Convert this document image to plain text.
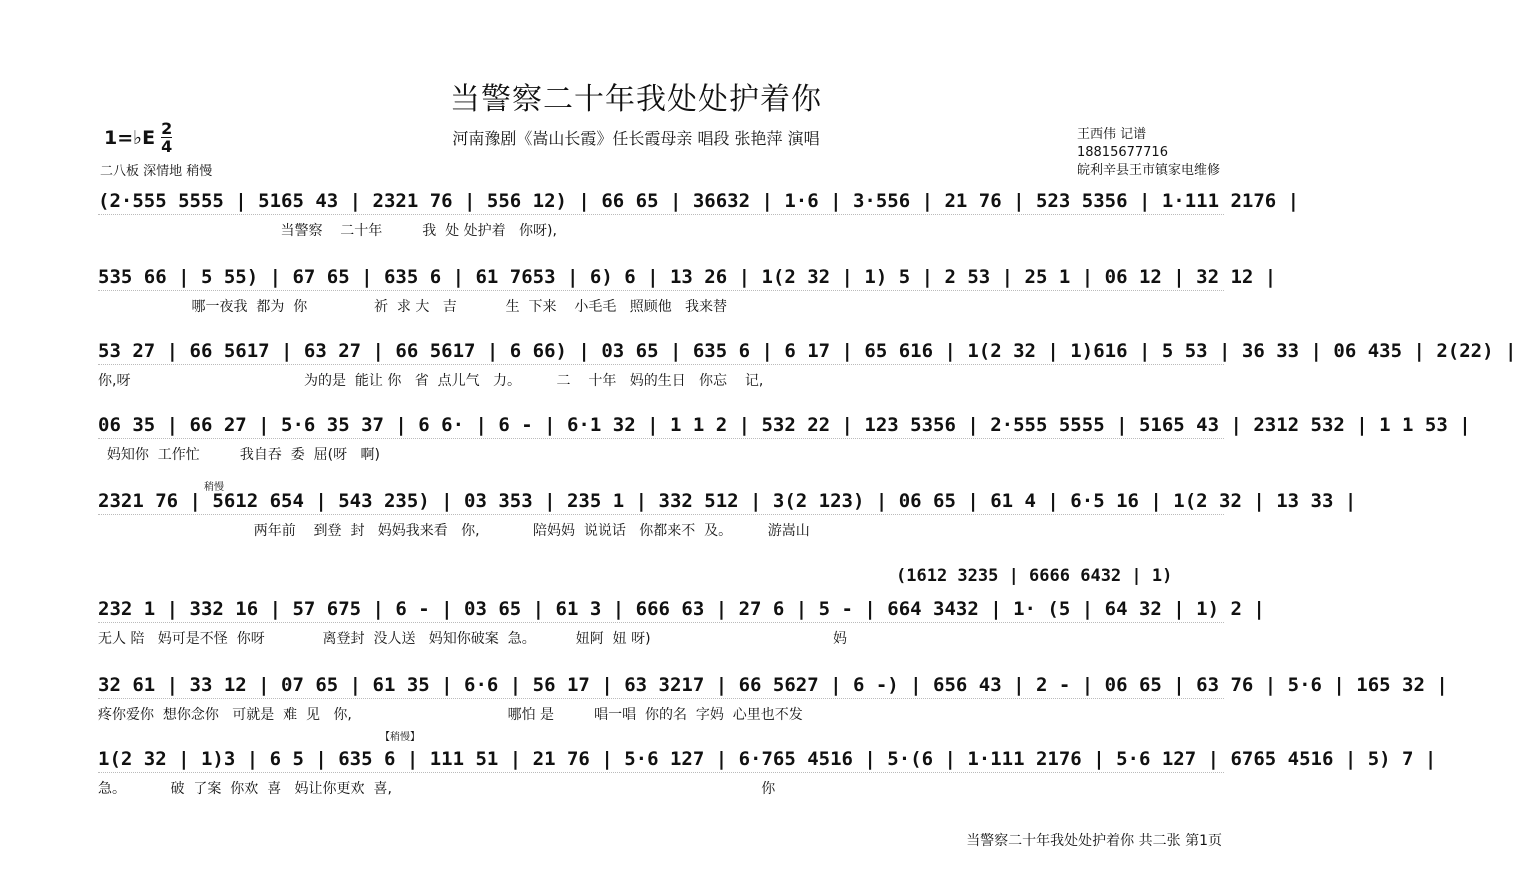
当警察二十年我处处护着你
河南豫剧《嵩山长霞》任长霞母亲 唱段 张艳萍 演唱
1=♭E 2
4
王西伟 记谱
18815677716
皖利辛县王市镇家电维修
二八板 深情地 稍慢
稍慢
【稍慢】
(1612 3235 | 6666 6432 | 1)
(2·555 5555 | 5165 43 | 2321 76 | 556 12) | 66 65 | 36632 | 1·6 | 3·556 | 21 76 | 523 5356 | 1·111 2176 |
当警察    二十年         我  处 处护着   你呀),
535 66 | 5 55) | 67 65 | 635 6 | 61 7653 | 6) 6 | 13 26 | 1(2 32 | 1) 5 | 2 53 | 25 1 | 06 12 | 32 12 |
哪一夜我  都为  你               祈  求 大   吉           生  下来    小毛毛   照顾他   我来替
53 27 | 66 5617 | 63 27 | 66 5617 | 6 66) | 03 65 | 635 6 | 6 17 | 65 616 | 1(2 32 | 1)616 | 5 53 | 36 33 | 06 435 | 2(22) |
你,呀                                       为的是  能让 你   省  点儿气   力。        二    十年   妈的生日   你忘    记,
06 35 | 66 27 | 5·6 35 37 | 6 6· | 6 - | 6·1 32 | 1 1 2 | 532 22 | 123 5356 | 2·555 5555 | 5165 43 | 2312 532 | 1 1 53 |
妈知你  工作忙         我自吞  委  屈(呀   啊)
2321 76 | 5612 654 | 543 235) | 03 353 | 235 1 | 332 512 | 3(2 123) | 06 65 | 61 4 | 6·5 16 | 1(2 32 | 13 33 |
两年前    到登  封   妈妈我来看   你,            陪妈妈  说说话   你都来不  及。        游嵩山
232 1 | 332 16 | 57 675 | 6 - | 03 65 | 61 3 | 666 63 | 27 6 | 5 - | 664 3432 | 1· (5 | 64 32 | 1) 2 |
无人 陪   妈可是不怪  你呀             离登封  没人送   妈知你破案  急。         妞阿  妞 呀)                                         妈
32 61 | 33 12 | 07 65 | 61 35 | 6·6 | 56 17 | 63 3217 | 66 5627 | 6 -) | 656 43 | 2 - | 06 65 | 63 76 | 5·6 | 165 32 |
疼你爱你  想你念你   可就是  难  见   你,                                   哪怕 是         唱一唱  你的名  字妈  心里也不发
1(2 32 | 1)3 | 6 5 | 635 6 | 111 51 | 21 76 | 5·6 127 | 6·765 4516 | 5·(6 | 1·111 2176 | 5·6 127 | 6765 4516 | 5) 7 |
急。          破  了案  你欢  喜   妈让你更欢  喜,                                                                                   你
当警察二十年我处处护着你 共二张 第1页
